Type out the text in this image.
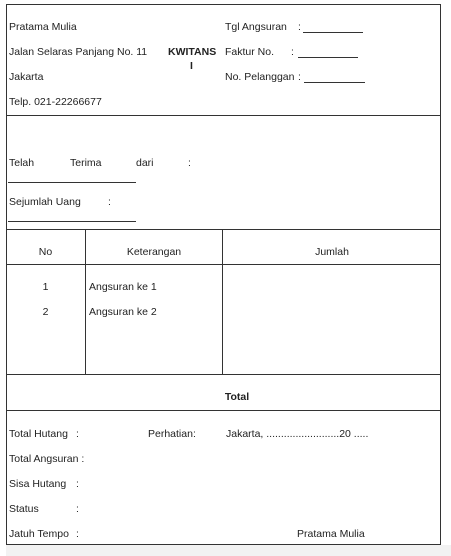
Pratama Mulia
Jalan Selaras Panjang No. 11
Jakarta
Telp. 021-22266677
KWITANS
I
Tgl Angsuran :
Faktur No. :
No. Pelanggan :
Telah	Terima	dari	:
Sejumlah Uang	:
No	Keterangan	Jumlah
1	Angsuran ke 1
2	Angsuran ke 2
Total
Total Hutang :
Total Angsuran :
Sisa Hutang :
Status	:
Jatuh Tempo :
Perhatian:	Jakarta, .........................20 .....
Pratama Mulia
